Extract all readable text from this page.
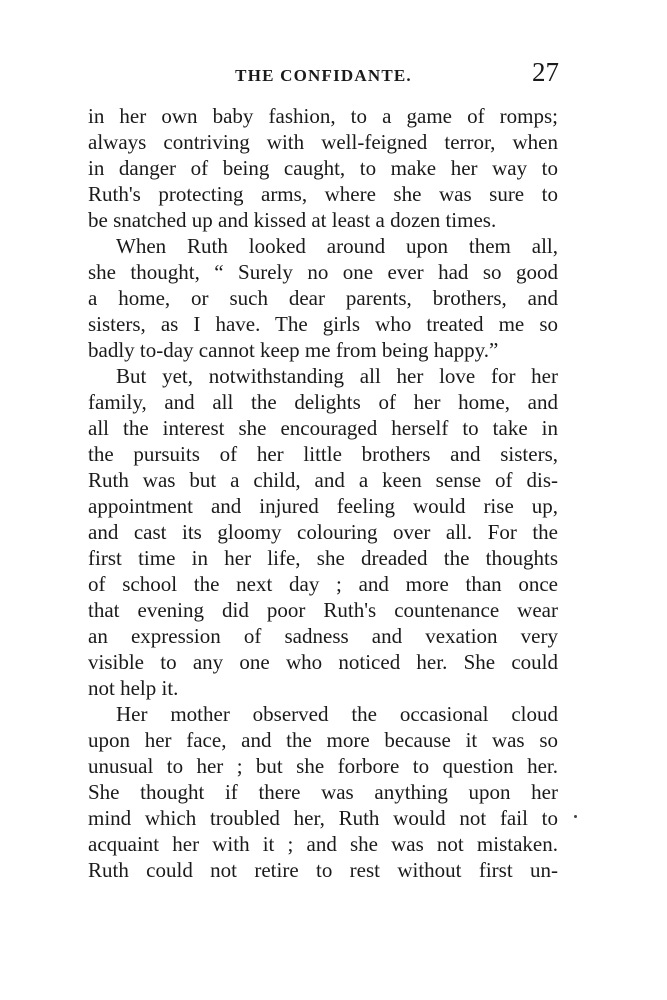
THE CONFIDANTE.	27
in her own baby fashion, to a game of romps;
always contriving with well-feigned terror, when
in danger of being caught, to make her way to
Ruth's protecting arms, where she was sure to
be snatched up and kissed at least a dozen times.
When Ruth looked around upon them all,
she thought, “ Surely no one ever had so good
a home, or such dear parents, brothers, and
sisters, as I have. The girls who treated me so
badly to-day cannot keep me from being happy.”
But yet, notwithstanding all her love for her
family, and all the delights of her home, and
all the interest she encouraged herself to take in
the pursuits of her little brothers and sisters,
Ruth was but a child, and a keen sense of dis-
appointment and injured feeling would rise up,
and cast its gloomy colouring over all. For the
first time in her life, she dreaded the thoughts
of school the next day ; and more than once
that evening did poor Ruth's countenance wear
an expression of sadness and vexation very
visible to any one who noticed her. She could
not help it.
Her mother observed the occasional cloud
upon her face, and the more because it was so
unusual to her ; but she forbore to question her.
She thought if there was anything upon her
mind which troubled her, Ruth would not fail to
acquaint her with it ; and she was not mistaken.
Ruth could not retire to rest without first un-
